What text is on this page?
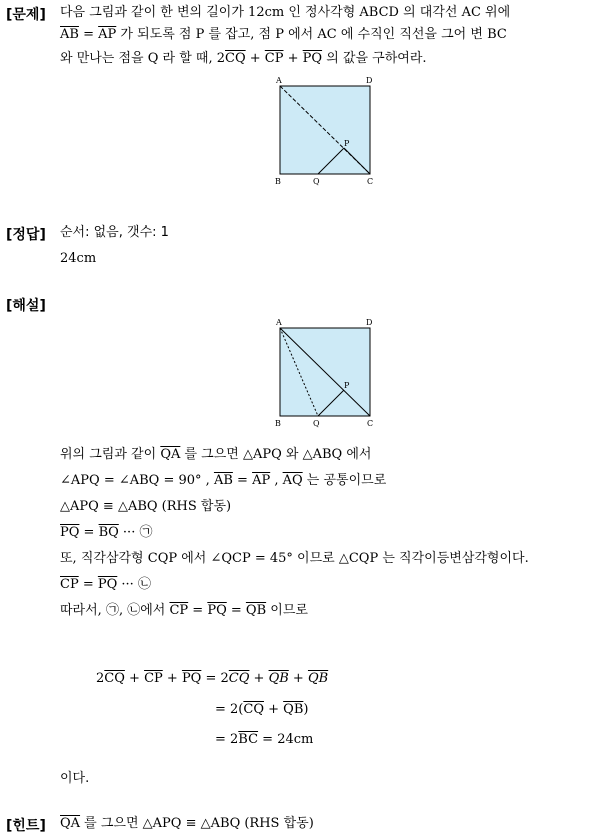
[문제] 다음 그림과 같이 한 변의 길이가 12cm 인 정사각형 ABCD 의 대각선 AC 위에
$\overline{AB} = \overline{AP}$ 가 되도록 점 P 를 잡고, 점 P 에서 AC 에 수직인 직선을 그어 변 BC
와 만나는 점을 Q 라 할 때, $2\overline{CQ} + \overline{CP} + \overline{PQ}$ 의 값을 구하여라.
A	D
B	C
P
Q
[정답] 순서: 없음, 갯수: 1
24cm
[해설]
A	D
B	C
P
Q
위의 그림과 같이 $\overline{QA}$ 를 그으면 △APQ 와 △ABQ 에서
∠APQ = ∠ABQ = 90° , $\overline{AB} = \overline{AP}$ , $\overline{AQ}$ 는 공통이므로
△APQ ≡ △ABQ (RHS 합동)
$\overline{PQ} = \overline{BQ}$ ··· ㉠
또, 직각삼각형 CQP 에서 ∠QCP = 45° 이므로 △CQP 는 직각이등변삼각형이다.
$\overline{CP} = \overline{PQ}$ ··· ㉡
따라서, ㉠, ㉡에서 $\overline{CP} = \overline{PQ} = \overline{QB}$ 이므로
$2\overline{CQ} + \overline{CP} + \overline{PQ} = 2\overline{CQ} + \overline{QB} + \overline{QB}$
= $2(\overline{CQ} + \overline{QB})$
= $2\overline{BC} = 24cm$
이다.
[힌트] $\overline{QA}$ 를 그으면 △APQ ≡ △ABQ (RHS 합동)
